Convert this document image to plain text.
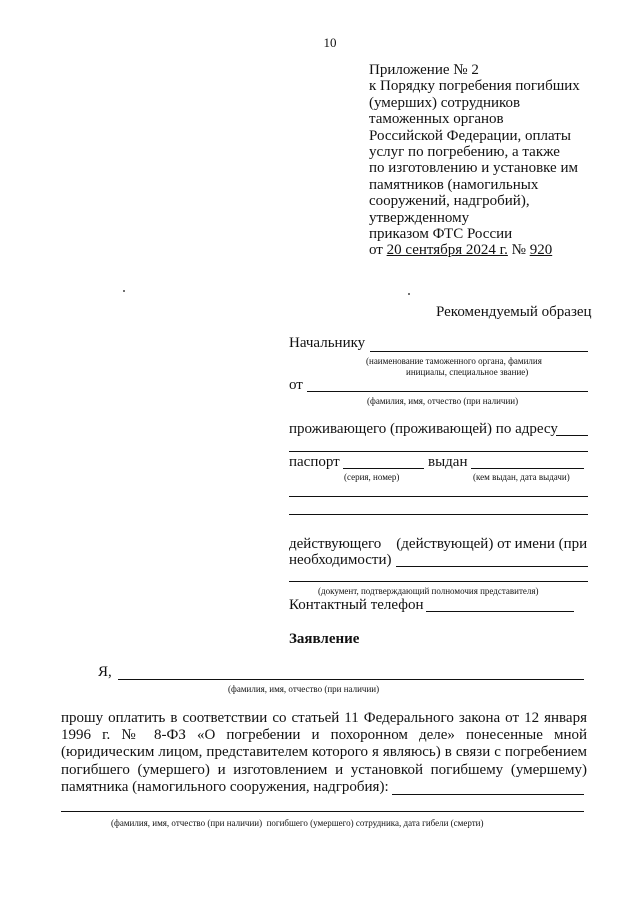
10
Приложение № 2
к Порядку погребения погибших
(умерших) сотрудников
таможенных органов
Российской Федерации, оплаты
услуг по погребению, а также
по изготовлению и установке им
памятников (намогильных
сооружений, надгробий),
утвержденному
приказом ФТС России
от 20 сентября 2024 г. № 920
Рекомендуемый образец
Начальнику
(наименование таможенного органа, фамилия
инициалы, специальное звание)
от
(фамилия, имя, отчество (при наличии)
проживающего (проживающей) по адресу
паспорт	выдан
(серия, номер)	(кем выдан, дата выдачи)
действующего    (действующей) от имени (при
необходимости)
(документ, подтверждающий полномочия представителя)
Контактный телефон
Заявление
Я,
(фамилия, имя, отчество (при наличии)
прошу оплатить в соответствии со статьей 11 Федерального закона от 12 января
1996 г. № 8-ФЗ «О погребении и похоронном деле» понесенные мной
(юридическим лицом, представителем которого я являюсь) в связи с погребением
погибшего (умершего) и изготовлением и установкой погибшему (умершему)
памятника (намогильного сооружения, надгробия):
(фамилия, имя, отчество (при наличии)  погибшего (умершего) сотрудника, дата гибели (смерти)
